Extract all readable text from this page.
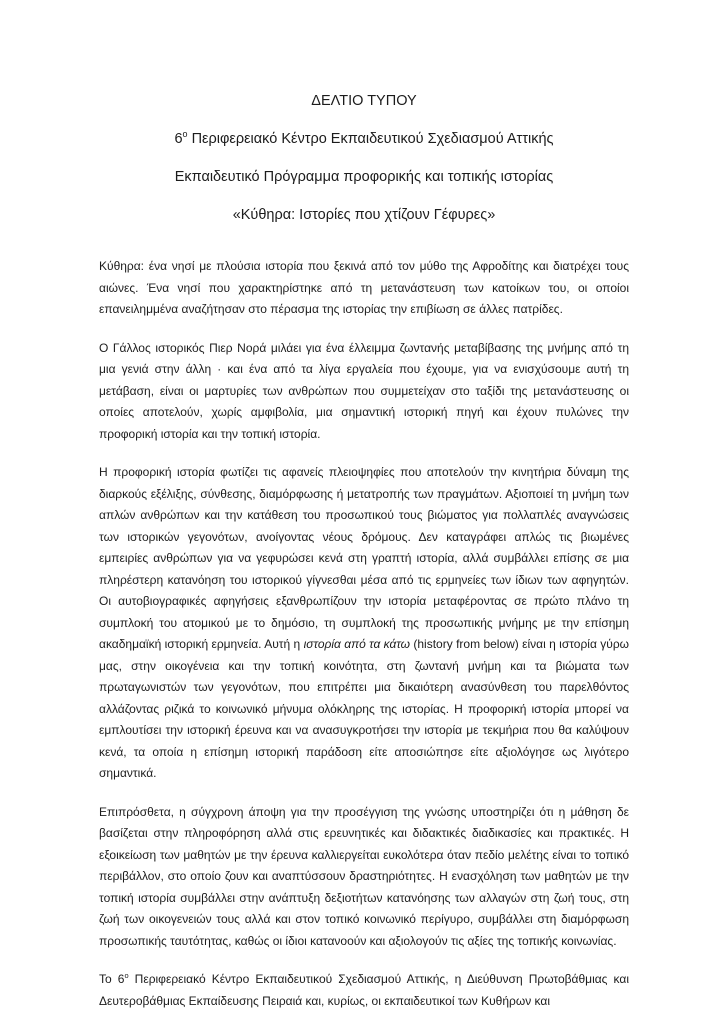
ΔΕΛΤΙΟ ΤΥΠΟΥ
$6^o$ Περιφερειακό Κέντρο Εκπαιδευτικού Σχεδιασμού Αττικής
Εκπαιδευτικό Πρόγραμμα προφορικής και τοπικής ιστορίας
«Κύθηρα: Ιστορίες που χτίζουν Γέφυρες»

Κύθηρα: ένα νησί με πλούσια ιστορία που ξεκινά από τον μύθο της Αφροδίτης και διατρέχει τους αιώνες. Ένα νησί που χαρακτηρίστηκε από τη μετανάστευση των κατοίκων του, οι οποίοι επανειλημμένα αναζήτησαν στο πέρασμα της ιστορίας την επιβίωση σε άλλες πατρίδες.

Ο Γάλλος ιστορικός Πιερ Νορά μιλάει για ένα έλλειμμα ζωντανής μεταβίβασης της μνήμης από τη μια γενιά στην άλλη · και ένα από τα λίγα εργαλεία που έχουμε, για να ενισχύσουμε αυτή τη μετάβαση, είναι οι μαρτυρίες των ανθρώπων που συμμετείχαν στο ταξίδι της μετανάστευσης οι οποίες αποτελούν, χωρίς αμφιβολία, μια σημαντική ιστορική πηγή και έχουν πυλώνες την προφορική ιστορία και την τοπική ιστορία.

Η προφορική ιστορία φωτίζει τις αφανείς πλειοψηφίες που αποτελούν την κινητήρια δύναμη της διαρκούς εξέλιξης, σύνθεσης, διαμόρφωσης ή μετατροπής των πραγμάτων. Αξιοποιεί τη μνήμη των απλών ανθρώπων και την κατάθεση του προσωπικού τους βιώματος για πολλαπλές αναγνώσεις των ιστορικών γεγονότων, ανοίγοντας νέους δρόμους. Δεν καταγράφει απλώς τις βιωμένες εμπειρίες ανθρώπων για να γεφυρώσει κενά στη γραπτή ιστορία, αλλά συμβάλλει επίσης σε μια πληρέστερη κατανόηση του ιστορικού γίγνεσθαι μέσα από τις ερμηνείες των ίδιων των αφηγητών. Οι αυτοβιογραφικές αφηγήσεις εξανθρωπίζουν την ιστορία μεταφέροντας σε πρώτο πλάνο τη συμπλοκή του ατομικού με το δημόσιο, τη συμπλοκή της προσωπικής μνήμης με την επίσημη ακαδημαϊκή ιστορική ερμηνεία. Αυτή η ιστορία από τα κάτω (history from below) είναι η ιστορία γύρω μας, στην οικογένεια και την τοπική κοινότητα, στη ζωντανή μνήμη και τα βιώματα των πρωταγωνιστών των γεγονότων, που επιτρέπει μια δικαιότερη ανασύνθεση του παρελθόντος αλλάζοντας ριζικά το κοινωνικό μήνυμα ολόκληρης της ιστορίας. Η προφορική ιστορία μπορεί να εμπλουτίσει την ιστορική έρευνα και να ανασυγκροτήσει την ιστορία με τεκμήρια που θα καλύψουν κενά, τα οποία η επίσημη ιστορική παράδοση είτε αποσιώπησε είτε αξιολόγησε ως λιγότερο σημαντικά.

Επιπρόσθετα, η σύγχρονη άποψη για την προσέγγιση της γνώσης υποστηρίζει ότι η μάθηση δε βασίζεται στην πληροφόρηση αλλά στις ερευνητικές και διδακτικές διαδικασίες και πρακτικές. Η εξοικείωση των μαθητών με την έρευνα καλλιεργείται ευκολότερα όταν πεδίο μελέτης είναι το τοπικό περιβάλλον, στο οποίο ζουν και αναπτύσσουν δραστηριότητες. Η ενασχόληση των μαθητών με την τοπική ιστορία συμβάλλει στην ανάπτυξη δεξιοτήτων κατανόησης των αλλαγών στη ζωή τους, στη ζωή των οικογενειών τους αλλά και στον τοπικό κοινωνικό περίγυρο, συμβάλλει στη διαμόρφωση προσωπικής ταυτότητας, καθώς οι ίδιοι κατανοούν και αξιολογούν τις αξίες της τοπικής κοινωνίας.

Το $6^o$ Περιφερειακό Κέντρο Εκπαιδευτικού Σχεδιασμού Αττικής, η Διεύθυνση Πρωτοβάθμιας και Δευτεροβάθμιας Εκπαίδευσης Πειραιά και, κυρίως, οι εκπαιδευτικοί των Κυθήρων και
